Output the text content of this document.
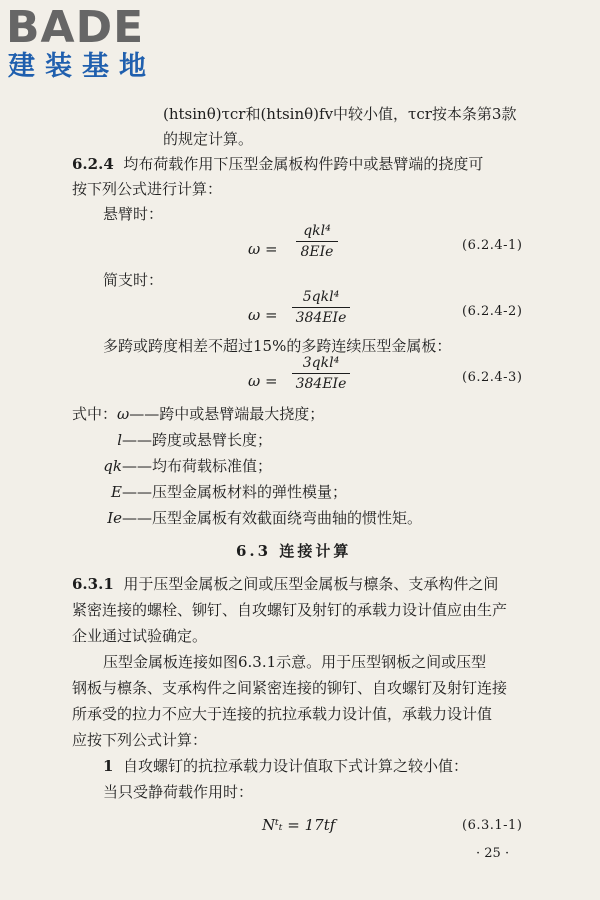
BADE
建装基地
(htsinθ)τcr和(htsinθ)fv中较小值，τcr按本条第3款
的规定计算。
6.2.4 均布荷载作用下压型金属板构件跨中或悬臂端的挠度可
按下列公式进行计算：
悬臂时：
ω =
qkl⁴
8EIe	(6.2.4-1)
简支时：
ω =
5qkl⁴
384EIe	(6.2.4-2)
多跨或跨度相差不超过15%的多跨连续压型金属板：
ω =
3qkl⁴
384EIe	(6.2.4-3)
式中：ω——跨中或悬臂端最大挠度；
l——跨度或悬臂长度；
qk——均布荷载标准值；
E——压型金属板材料的弹性模量；
Ie——压型金属板有效截面绕弯曲轴的惯性矩。
6.3 连接计算
6.3.1 用于压型金属板之间或压型金属板与檩条、支承构件之间
紧密连接的螺栓、铆钉、自攻螺钉及射钉的承载力设计值应由生产
企业通过试验确定。
压型金属板连接如图6.3.1示意。用于压型钢板之间或压型
钢板与檩条、支承构件之间紧密连接的铆钉、自攻螺钉及射钉连接
所承受的拉力不应大于连接的抗拉承载力设计值，承载力设计值
应按下列公式计算：
1 自攻螺钉的抗拉承载力设计值取下式计算之较小值：
当只受静荷载作用时：
Nᵗₜ = 17tf	(6.3.1-1)
· 25 ·
